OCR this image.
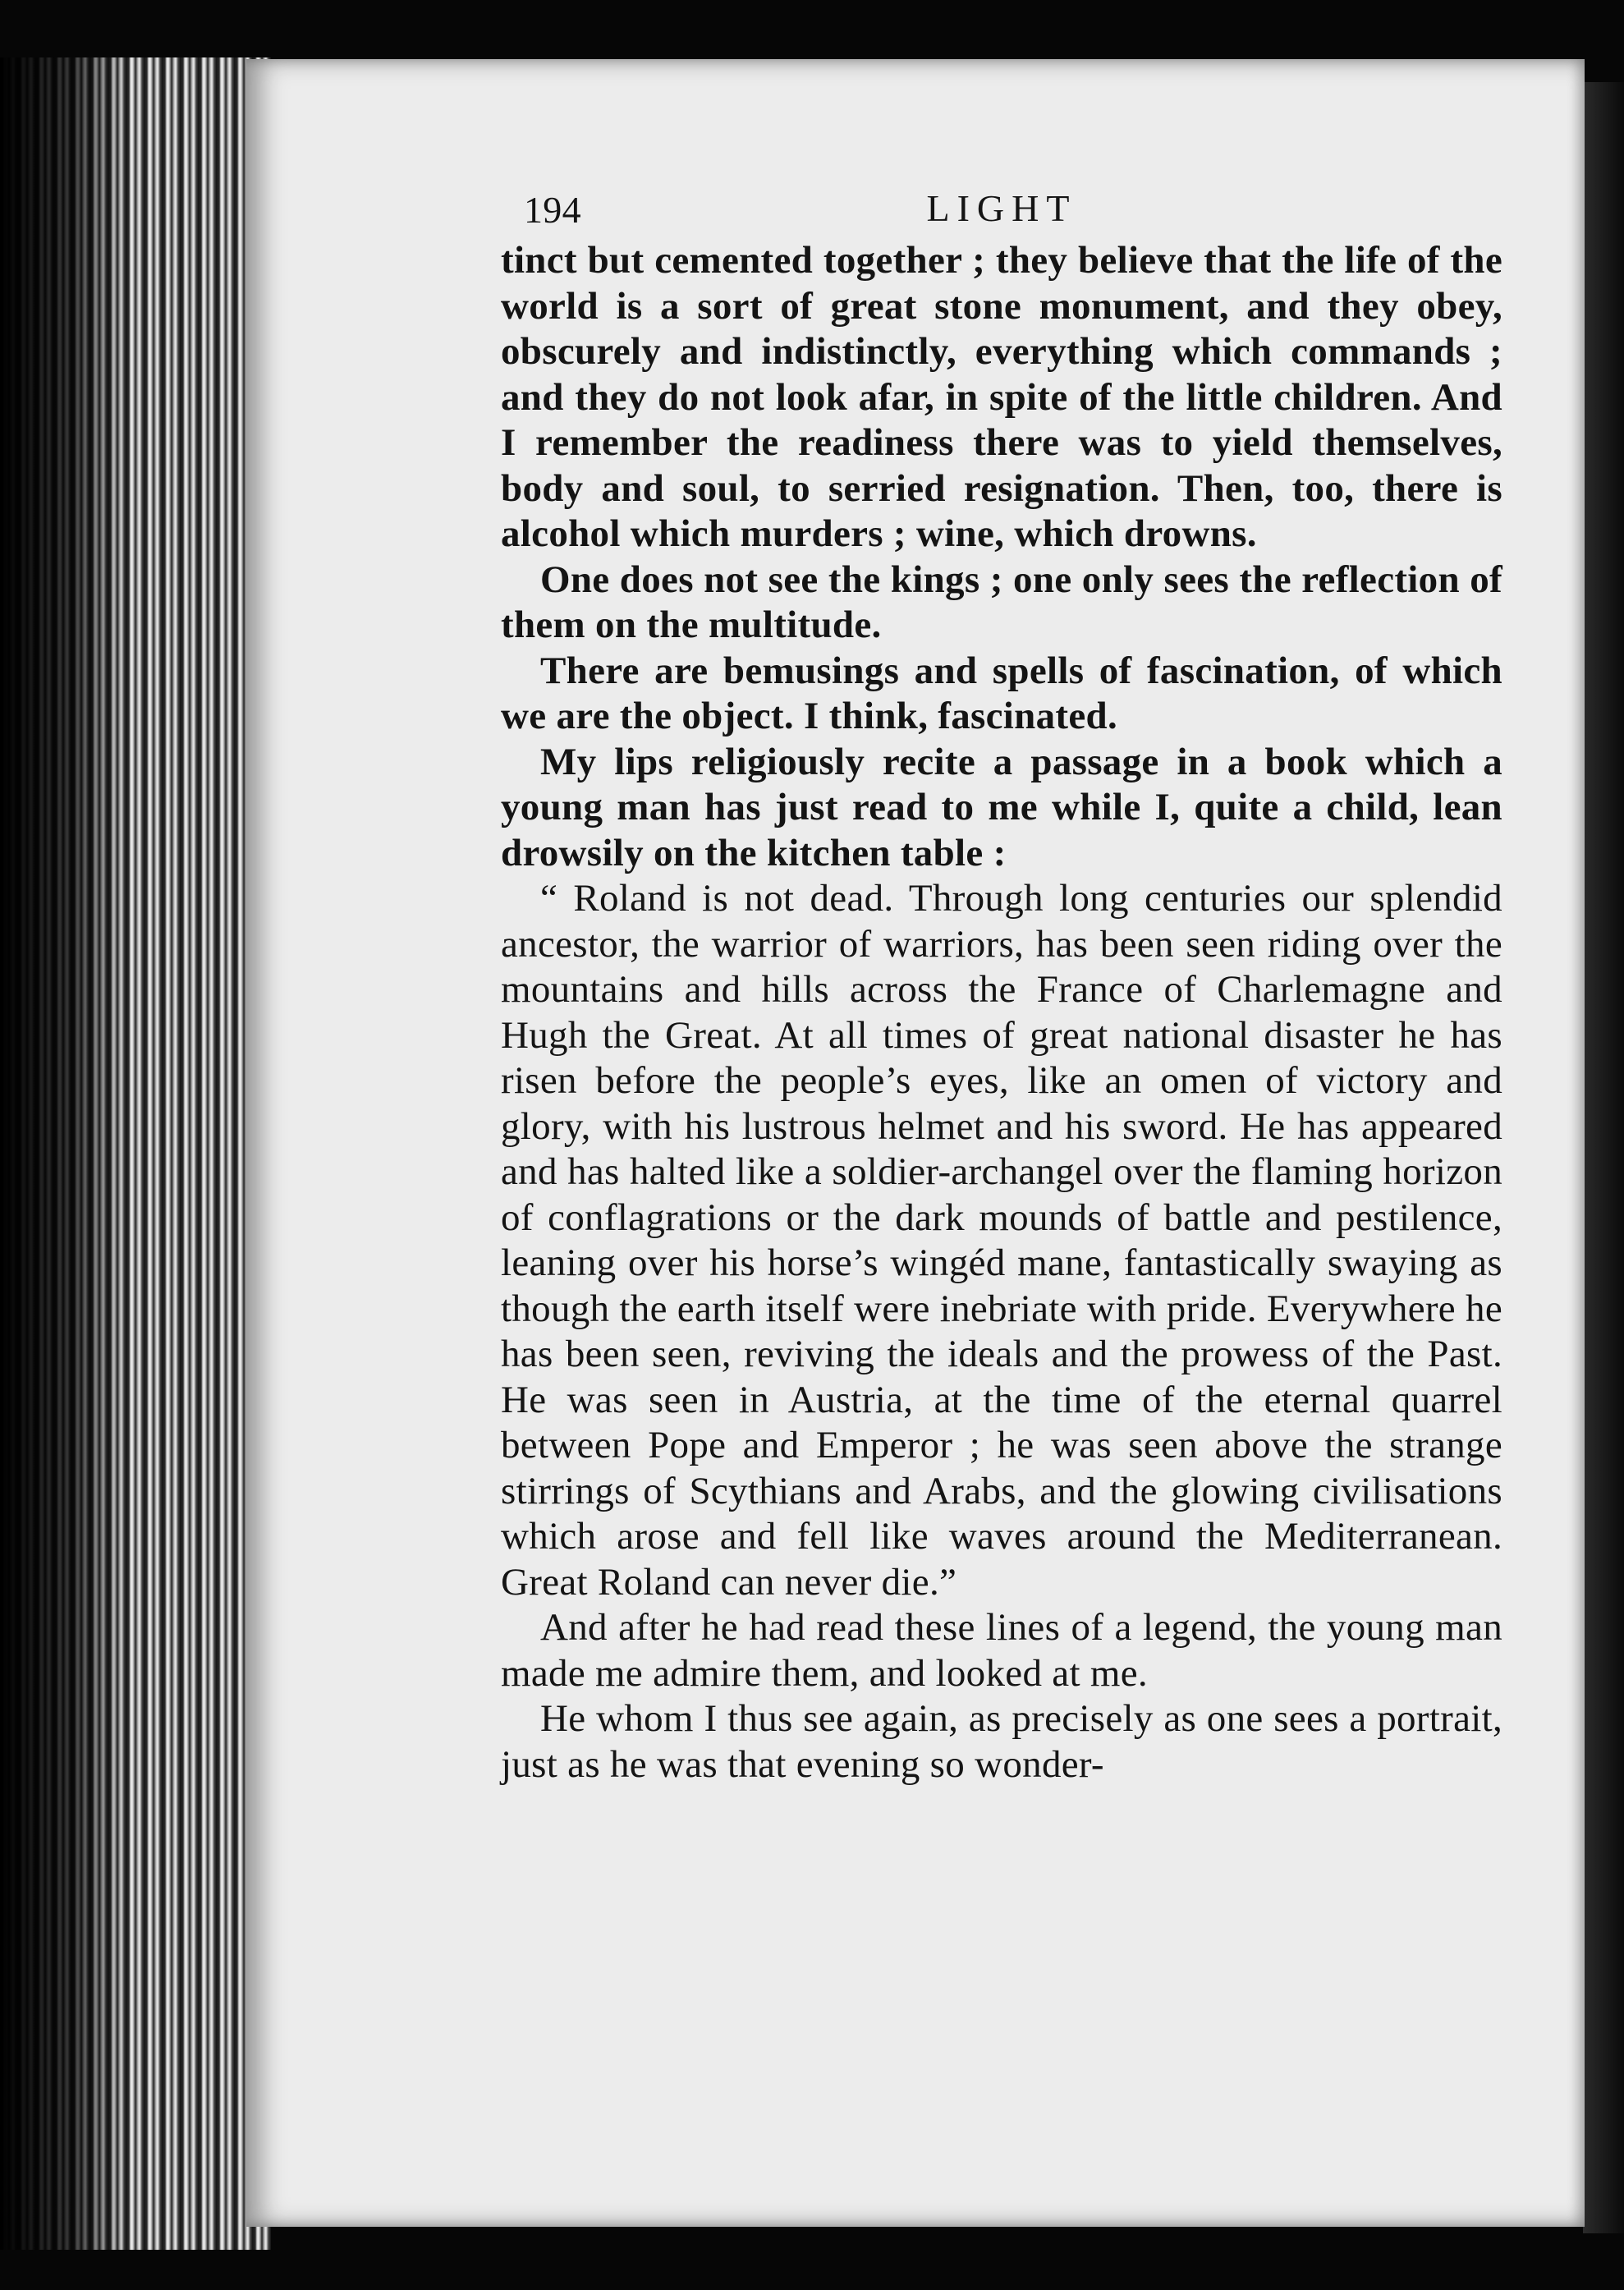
194	LIGHT

tinct but cemented together ; they believe that the life of the world is a sort of great stone monument, and they obey, obscurely and indistinctly, everything which commands ; and they do not look afar, in spite of the little children. And I remember the readiness there was to yield themselves, body and soul, to serried resignation. Then, too, there is alcohol which murders ; wine, which drowns.

One does not see the kings ; one only sees the reflection of them on the multitude.

There are bemusings and spells of fascination, of which we are the object. I think, fascinated.

My lips religiously recite a passage in a book which a young man has just read to me while I, quite a child, lean drowsily on the kitchen table :

“ Roland is not dead. Through long centuries our splendid ancestor, the warrior of warriors, has been seen riding over the mountains and hills across the France of Charlemagne and Hugh the Great. At all times of great national disaster he has risen before the people’s eyes, like an omen of victory and glory, with his lustrous helmet and his sword. He has appeared and has halted like a soldier-archangel over the flaming horizon of conflagrations or the dark mounds of battle and pestilence, leaning over his horse’s wingéd mane, fantastically swaying as though the earth itself were inebriate with pride. Everywhere he has been seen, reviving the ideals and the prowess of the Past. He was seen in Austria, at the time of the eternal quarrel between Pope and Emperor ; he was seen above the strange stirrings of Scythians and Arabs, and the glowing civilisations which arose and fell like waves around the Mediterranean. Great Roland can never die.”

And after he had read these lines of a legend, the young man made me admire them, and looked at me.

He whom I thus see again, as precisely as one sees a portrait, just as he was that evening so wonder-
